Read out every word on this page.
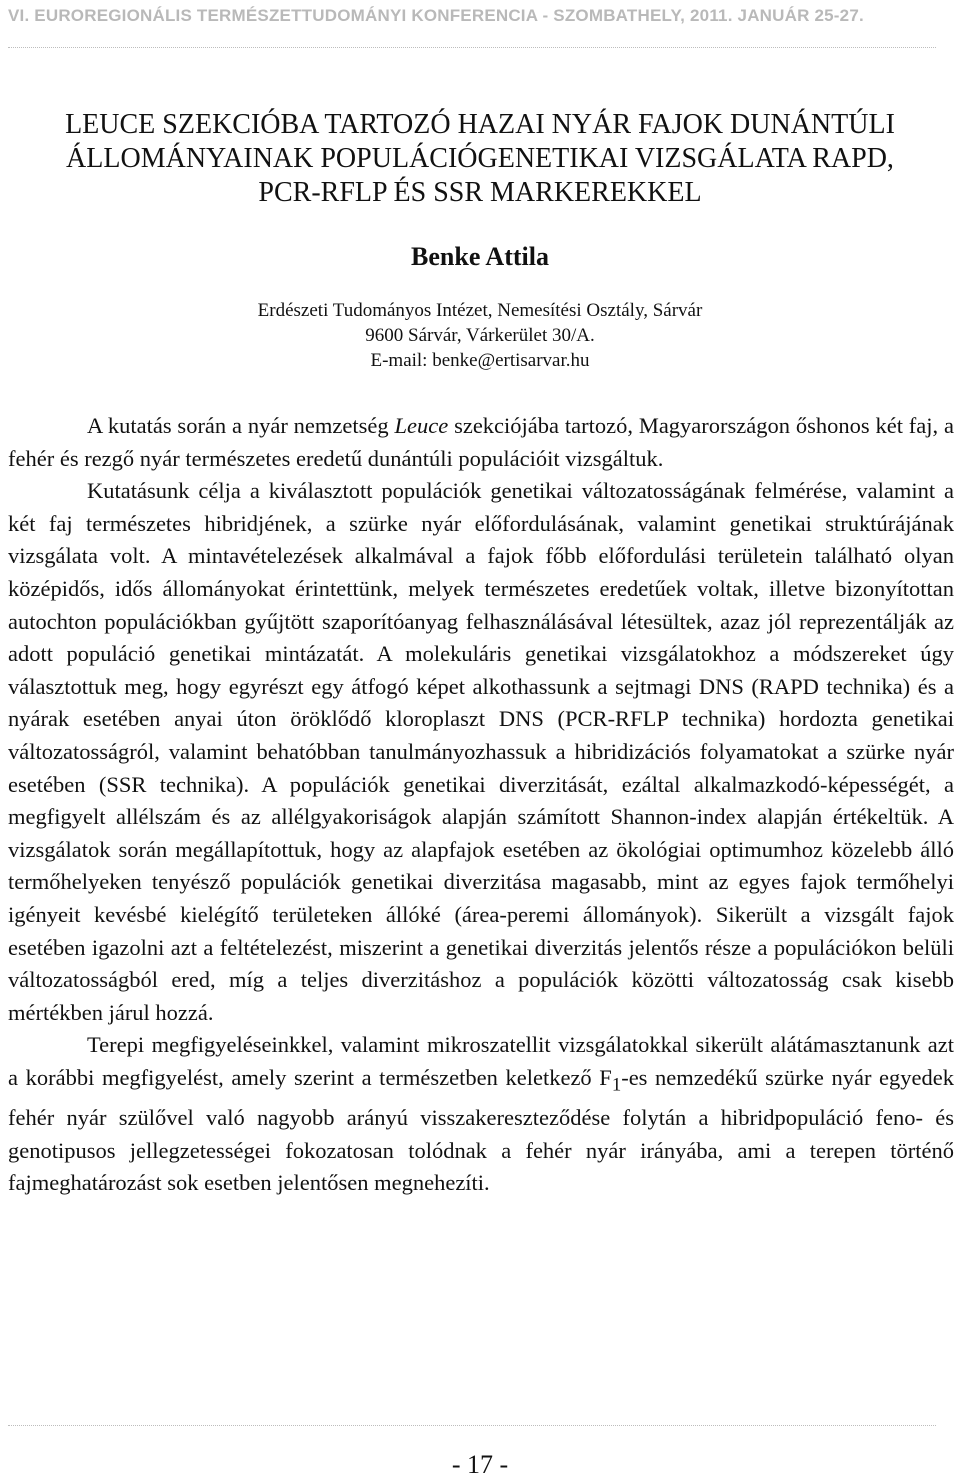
VI. EUROREGIONÁLIS TERMÉSZETTUDOMÁNYI KONFERENCIA - SZOMBATHELY, 2011. JANUÁR 25-27.
LEUCE SZEKCIÓBA TARTOZÓ HAZAI NYÁR FAJOK DUNÁNTÚLI
ÁLLOMÁNYAINAK POPULÁCIÓGENETIKAI VIZSGÁLATA RAPD,
PCR-RFLP ÉS SSR MARKEREKKEL
Benke Attila
Erdészeti Tudományos Intézet, Nemesítési Osztály, Sárvár
9600 Sárvár, Várkerület 30/A.
E-mail: benke@ertisarvar.hu

A kutatás során a nyár nemzetség Leuce szekciójába tartozó, Magyarországon őshonos két faj, a fehér és rezgő nyár természetes eredetű dunántúli populációit vizsgáltuk.

Kutatásunk célja a kiválasztott populációk genetikai változatosságának felmérése, valamint a két faj természetes hibridjének, a szürke nyár előfordulásának, valamint genetikai struktúrájának vizsgálata volt. A mintavételezések alkalmával a fajok főbb előfordulási területein található olyan középidős, idős állományokat érintettünk, melyek természetes eredetűek voltak, illetve bizonyítottan autochton populációkban gyűjtött szaporítóanyag felhasználásával létesültek, azaz jól reprezentálják az adott populáció genetikai mintázatát. A molekuláris genetikai vizsgálatokhoz a módszereket úgy választottuk meg, hogy egyrészt egy átfogó képet alkothassunk a sejtmagi DNS (RAPD technika) és a nyárak esetében anyai úton öröklődő kloroplaszt DNS (PCR-RFLP technika) hordozta genetikai változatosságról, valamint behatóbban tanulmányozhassuk a hibridizációs folyamatokat a szürke nyár esetében (SSR technika). A populációk genetikai diverzitását, ezáltal alkalmazkodó-képességét, a megfigyelt allélszám és az allélgyakoriságok alapján számított Shannon-index alapján értékeltük. A vizsgálatok során megállapítottuk, hogy az alapfajok esetében az ökológiai optimumhoz közelebb álló termőhelyeken tenyésző populációk genetikai diverzitása magasabb, mint az egyes fajok termőhelyi igényeit kevésbé kielégítő területeken állóké (área-peremi állományok). Sikerült a vizsgált fajok esetében igazolni azt a feltételezést, miszerint a genetikai diverzitás jelentős része a populációkon belüli változatosságból ered, míg a teljes diverzitáshoz a populációk közötti változatosság csak kisebb mértékben járul hozzá.

Terepi megfigyeléseinkkel, valamint mikroszatellit vizsgálatokkal sikerült alátámasztanunk azt a korábbi megfigyelést, amely szerint a természetben keletkező $F_1-es$ nemzedékű szürke nyár egyedek fehér nyár szülővel való nagyobb arányú visszakereszteződése folytán a hibridpopuláció feno- és genotipusos jellegzetességei fokozatosan tolódnak a fehér nyár irányába, ami a terepen történő fajmeghatározást sok esetben jelentősen megnehezíti.

- 17 -
